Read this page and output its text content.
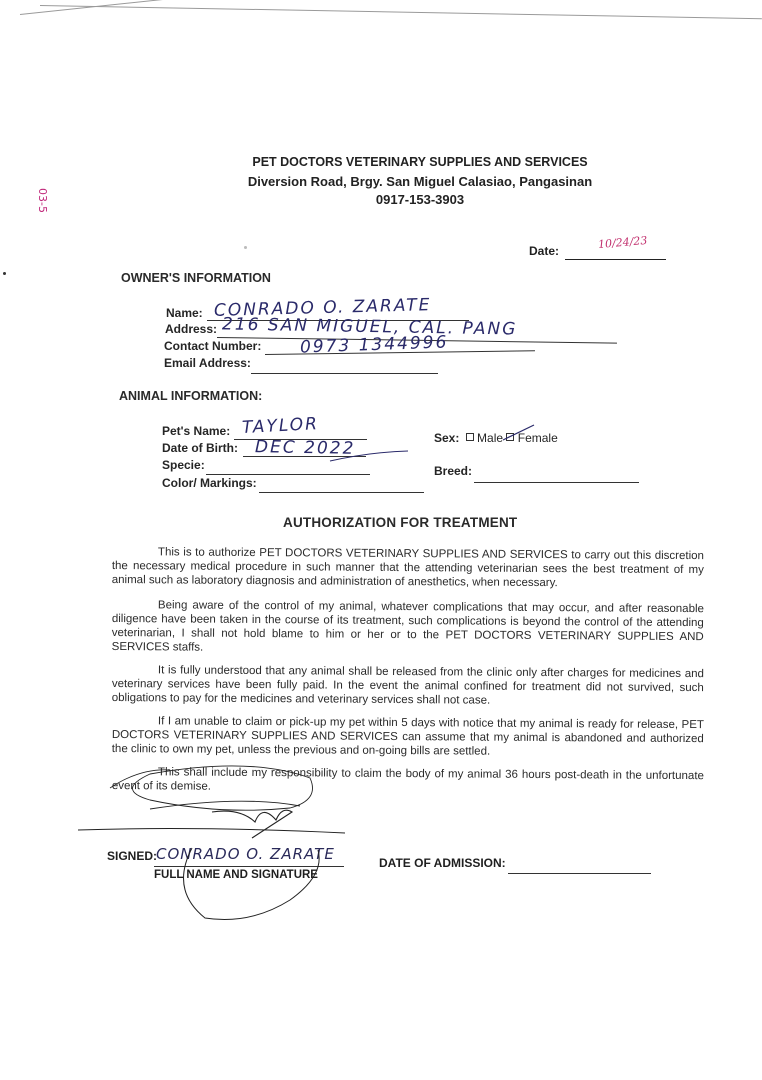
03-5
PET DOCTORS VETERINARY SUPPLIES AND SERVICES
Diversion Road, Brgy. San Miguel Calasiao, Pangasinan
0917-153-3903
Date:	10/24/23
OWNER'S INFORMATION
Name: CONRADO O. ZARATE
Address: 216 SAN MIGUEL, CAL. PANG
Contact Number: 0973 1344996
Email Address:
ANIMAL INFORMATION:
Pet's Name: TAYLOR
Date of Birth: DEC 2022
Specie:
Color/ Markings:
Sex: Male Female
Breed:
AUTHORIZATION FOR TREATMENT
This is to authorize PET DOCTORS VETERINARY SUPPLIES AND SERVICES to carry out this discretion the necessary medical procedure in such manner that the attending veterinarian sees the best treatment of my animal such as laboratory diagnosis and administration of anesthetics, when necessary.
Being aware of the control of my animal, whatever complications that may occur, and after reasonable diligence have been taken in the course of its treatment, such complications is beyond the control of the attending veterinarian, I shall not hold blame to him or her or to the PET DOCTORS VETERINARY SUPPLIES AND SERVICES staffs.
It is fully understood that any animal shall be released from the clinic only after charges for medicines and veterinary services have been fully paid. In the event the animal confined for treatment did not survived, such obligations to pay for the medicines and veterinary services shall not case.
If I am unable to claim or pick-up my pet within 5 days with notice that my animal is ready for release, PET DOCTORS VETERINARY SUPPLIES AND SERVICES can assume that my animal is abandoned and authorized the clinic to own my pet, unless the previous and on-going bills are settled.
This shall include my responsibility to claim the body of my animal 36 hours post-death in the unfortunate event of its demise.
SIGNED:
CONRADO O. ZARATE
FULL NAME AND SIGNATURE
DATE OF ADMISSION:
